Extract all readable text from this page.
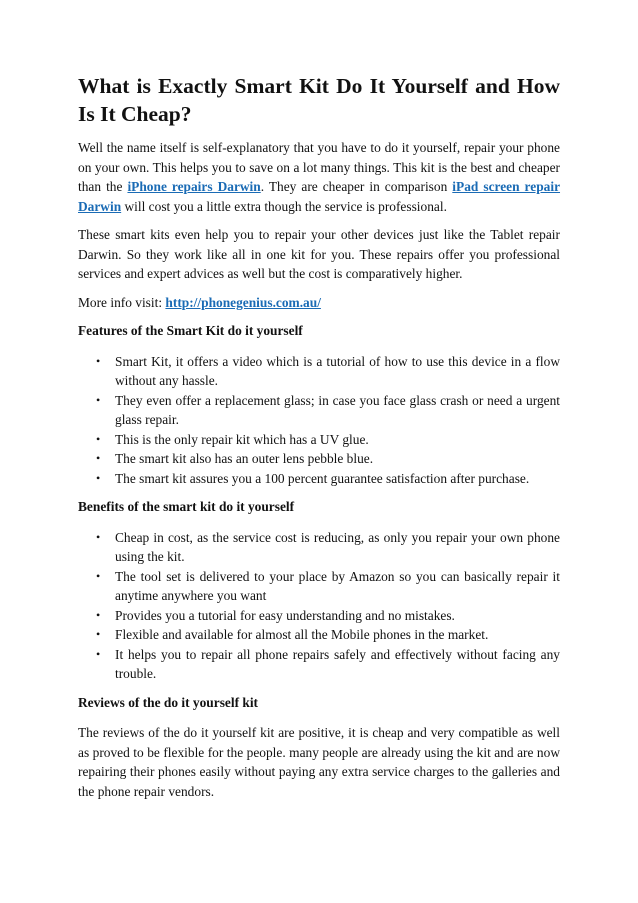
What is Exactly Smart Kit Do It Yourself and How Is It Cheap?

Well the name itself is self-explanatory that you have to do it yourself, repair your phone on your own. This helps you to save on a lot many things. This kit is the best and cheaper than the iPhone repairs Darwin. They are cheaper in comparison iPad screen repair Darwin will cost you a little extra though the service is professional.

These smart kits even help you to repair your other devices just like the Tablet repair Darwin. So they work like all in one kit for you. These repairs offer you professional services and expert advices as well but the cost is comparatively higher.

More info visit: http://phonegenius.com.au/

Features of the Smart Kit do it yourself

• Smart Kit, it offers a video which is a tutorial of how to use this device in a flow without any hassle.
• They even offer a replacement glass; in case you face glass crash or need a urgent glass repair.
• This is the only repair kit which has a UV glue.
• The smart kit also has an outer lens pebble blue.
• The smart kit assures you a 100 percent guarantee satisfaction after purchase.

Benefits of the smart kit do it yourself

• Cheap in cost, as the service cost is reducing, as only you repair your own phone using the kit.
• The tool set is delivered to your place by Amazon so you can basically repair it anytime anywhere you want
• Provides you a tutorial for easy understanding and no mistakes.
• Flexible and available for almost all the Mobile phones in the market.
• It helps you to repair all phone repairs safely and effectively without facing any trouble.

Reviews of the do it yourself kit

The reviews of the do it yourself kit are positive, it is cheap and very compatible as well as proved to be flexible for the people. many people are already using the kit and are now repairing their phones easily without paying any extra service charges to the galleries and the phone repair vendors.
